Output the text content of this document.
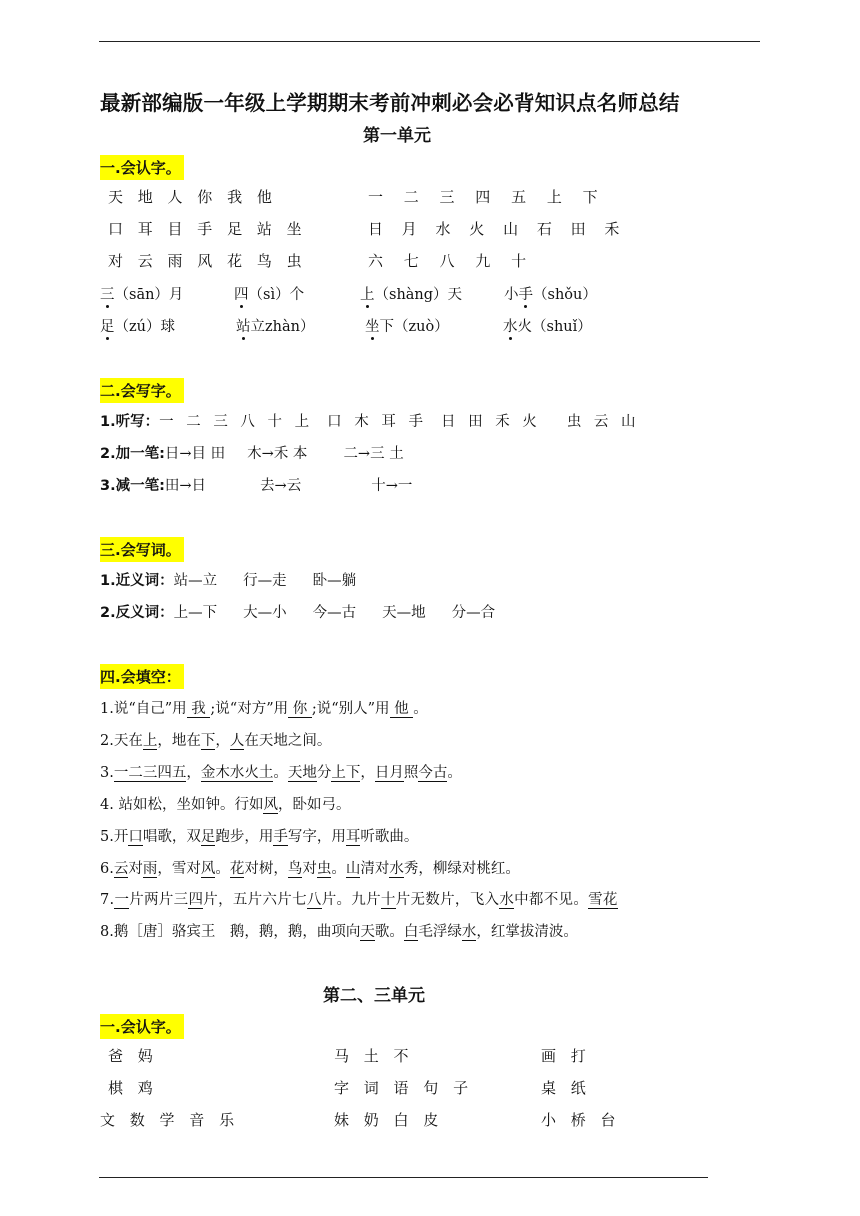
最新部编版一年级上学期期末考前冲刺必会必背知识点名师总结
第一单元
一.会认字。
天 地 人 你 我 他	一 二 三 四 五 上 下
口 耳 目 手 足 站 坐	日 月 水 火 山 石 田 禾
对 云 雨 风 花 鸟 虫	六 七 八 九 十
三（sān）月	四（sì）个	上（shàng）天	小手（shǒu）
足（zú）球	站立zhàn）	坐下（zuò）	水火（shuǐ）
二.会写字。
1.听写：一 二 三 八 十 上 口 木 耳 手 日 田 禾 火 虫 云 山
2.加一笔:日→目 田 木→禾 本 二→三 土
3.减一笔:田→日	去→云	十→一
三.会写词。
1.近义词：站—立 行—走 卧—躺
2.反义词：上—下 大—小 今—古 天—地 分—合
四.会填空：
1.说“自己”用 我 ;说“对方”用 你 ;说“别人”用 他 。
2.天在上，地在下，人在天地之间。
3.一二三四五，金木水火土。天地分上下，日月照今古。
4. 站如松，坐如钟。行如风，卧如弓。
5.开口唱歌，双足跑步，用手写字，用耳听歌曲。
6.云对雨，雪对风。花对树，鸟对虫。山清对水秀，柳绿对桃红。
7.一片两片三四片，五片六片七八片。九片十片无数片，飞入水中都不见。雪花
8.鹅［唐］骆宾王　鹅，鹅，鹅，曲项向天歌。白毛浮绿水，红掌拔清波。
第二、三单元
一.会认字。
爸 妈	马 土 不	画 打
棋 鸡	字 词 语 句 子	桌 纸
文 数 学 音 乐	妹 奶 白 皮	小 桥 台
